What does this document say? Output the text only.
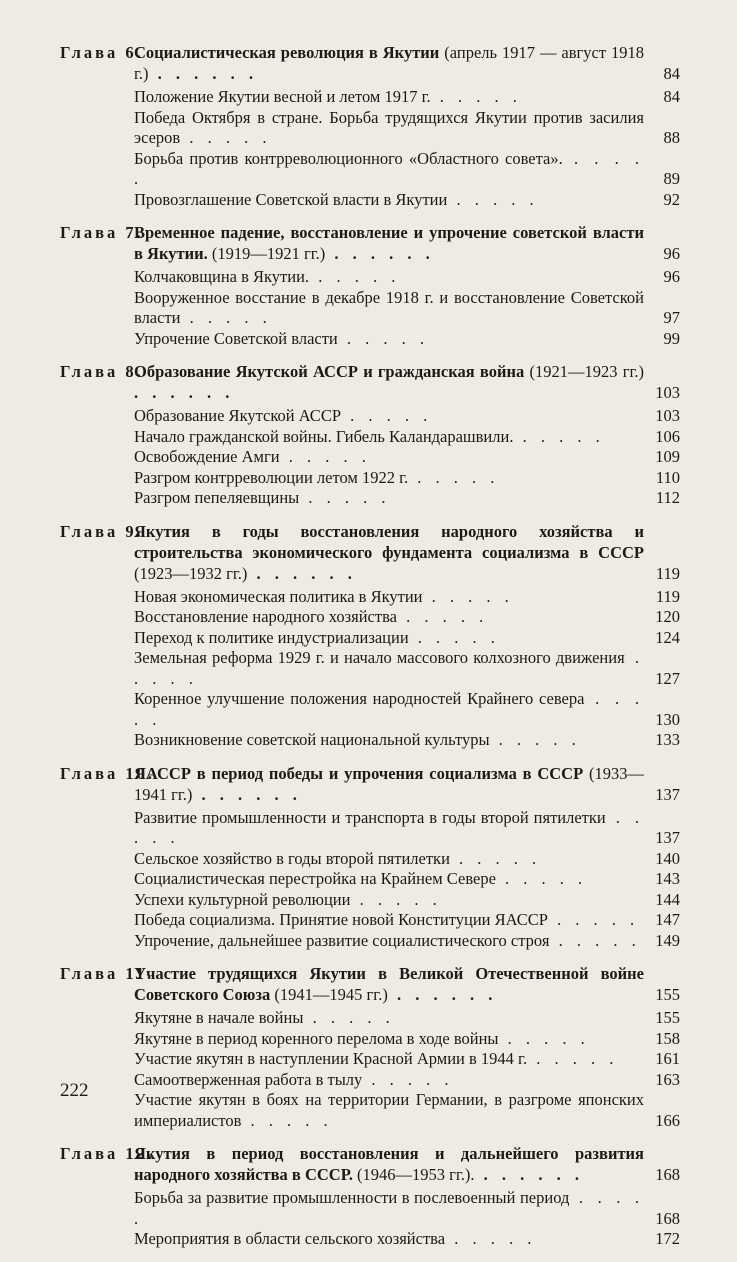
Глава 6.
Социалистическая революция в Якутии (апрель 1917 — август 1918 г.) . . . . . .	84
Положение Якутии весной и летом 1917 г. . . . . .	84
Победа Октября в стране. Борьба трудящихся Якутии против засилия эсеров . . . . .	88
Борьба против контрреволюционного «Областного совета». . . . . .	89
Провозглашение Советской власти в Якутии . . . . .	92
Глава 7.
Временное падение, восстановление и упрочение советской власти в Якутии. (1919—1921 гг.) . . . . . .	96
Колчаковщина в Якутии. . . . . .	96
Вооруженное восстание в декабре 1918 г. и восстановление Советской власти . . . . .	97
Упрочение Советской власти . . . . .	99
Глава 8.
Образование Якутской АССР и гражданская война (1921—1923 гг.) . . . . . .	103
Образование Якутской АССР . . . . .	103
Начало гражданской войны. Гибель Каландарашвили. . . . . .	106
Освобождение Амги . . . . .	109
Разгром контрреволюции летом 1922 г. . . . . .	110
Разгром пепеляевщины . . . . .	112
Глава 9.
Якутия в годы восстановления народного хозяйства и строительства экономического фундамента социализма в СССР (1923—1932 гг.) . . . . . .	119
Новая экономическая политика в Якутии . . . . .	119
Восстановление народного хозяйства . . . . .	120
Переход к политике индустриализации . . . . .	124
Земельная реформа 1929 г. и начало массового колхозного движения . . . . .	127
Коренное улучшение положения народностей Крайнего севера . . . . .	130
Возникновение советской национальной культуры . . . . .	133
Глава 10.
ЯАССР в период победы и упрочения социализма в СССР (1933—1941 гг.) . . . . . .	137
Развитие промышленности и транспорта в годы второй пятилетки . . . . .	137
Сельское хозяйство в годы второй пятилетки . . . . .	140
Социалистическая перестройка на Крайнем Севере . . . . .	143
Успехи культурной революции . . . . .	144
Победа социализма. Принятие новой Конституции ЯАССР . . . . . 147
Упрочение, дальнейшее развитие социалистического строя . . . . . 149
Глава 11.
Участие трудящихся Якутии в Великой Отечественной войне Советского Союза (1941—1945 гг.) . . . . . .	155
Якутяне в начале войны . . . . .	155
Якутяне в период коренного перелома в ходе войны . . . . .	158
Участие якутян в наступлении Красной Армии в 1944 г. . . . . .	161
Самоотверженная работа в тылу . . . . .	163
Участие якутян в боях на территории Германии, в разгроме японских империалистов . . . . .	166
Глава 12.
Якутия в период восстановления и дальнейшего развития народного хозяйства в СССР. (1946—1953 гг.). . . . . . .	168
Борьба за развитие промышленности в послевоенный период . . . . .	168
Мероприятия в области сельского хозяйства . . . . .	172
222
